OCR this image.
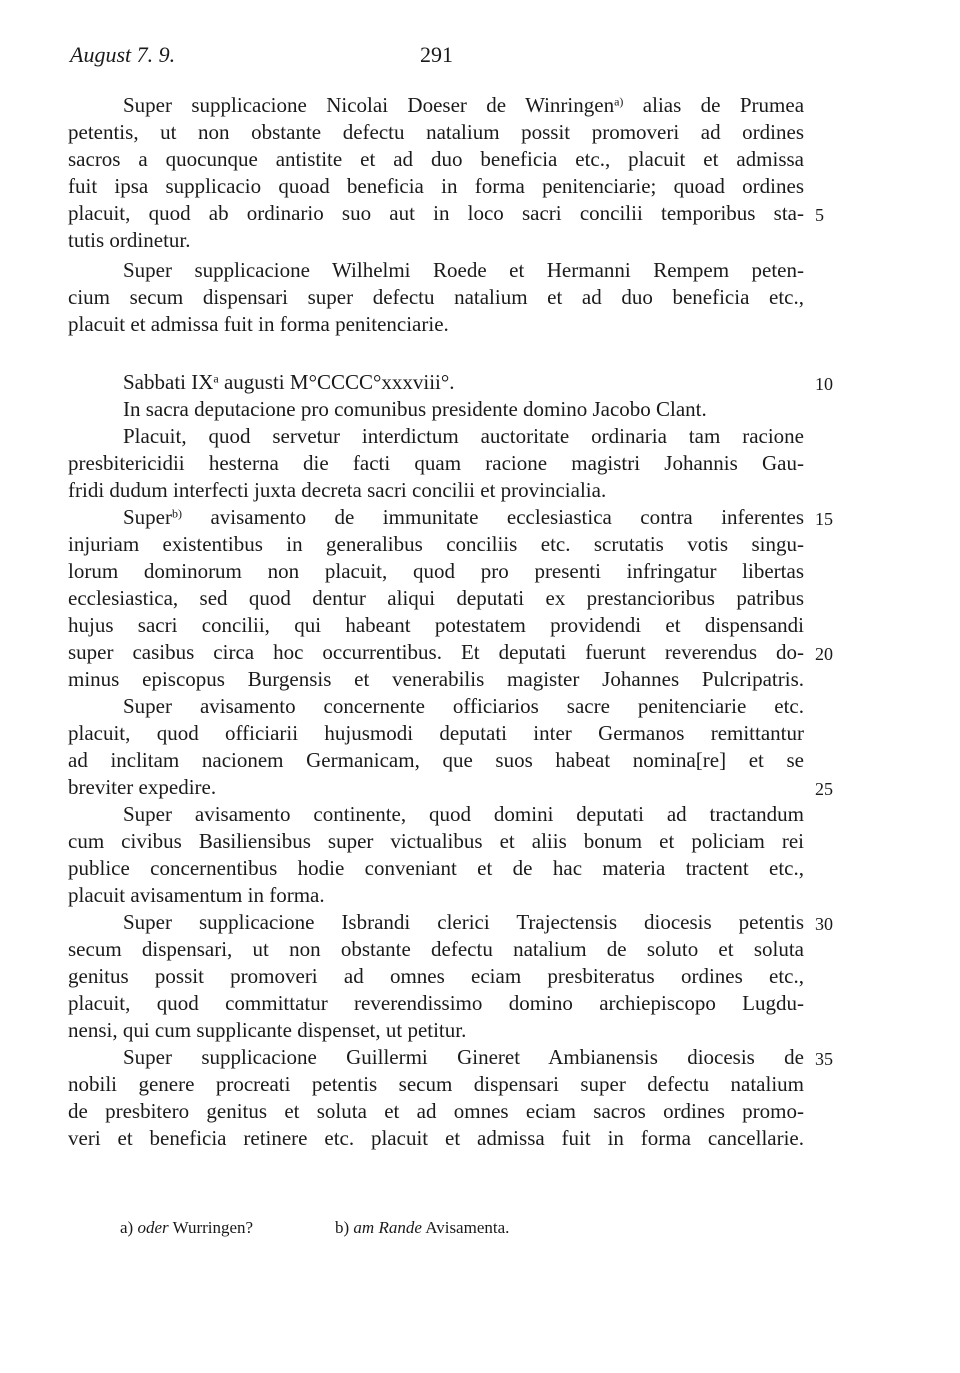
August 7. 9.	291
Super supplicacione Nicolai Doeser de Winringen$^{a)}$ alias de Prumea
petentis, ut non obstante defectu natalium possit promoveri ad ordines
sacros a quocunque antistite et ad duo beneficia etc., placuit et admissa
fuit ipsa supplicacio quoad beneficia in forma penitenciarie; quoad ordines
placuit, quod ab ordinario suo aut in loco sacri concilii temporibus sta-
tutis ordinetur.
Super supplicacione Wilhelmi Roede et Hermanni Rempem peten-
cium secum dispensari super defectu natalium et ad duo beneficia etc.,
placuit et admissa fuit in forma penitenciarie.
Sabbati $IX^a$ augusti M°CCCC°xxxviii°.
In sacra deputacione pro comunibus presidente domino Jacobo Clant.
Placuit, quod servetur interdictum auctoritate ordinaria tam racione
presbitericidii hesterna die facti quam racione magistri Johannis Gau-
fridi dudum interfecti juxta decreta sacri concilii et provincialia.
Super$^{b)}$ avisamento de immunitate ecclesiastica contra inferentes
injuriam existentibus in generalibus conciliis etc. scrutatis votis singu-
lorum dominorum non placuit, quod pro presenti infringatur libertas
ecclesiastica, sed quod dentur aliqui deputati ex prestancioribus patribus
hujus sacri concilii, qui habeant potestatem providendi et dispensandi
super casibus circa hoc occurrentibus. Et deputati fuerunt reverendus do-
minus episcopus Burgensis et venerabilis magister Johannes Pulcripatris.
Super avisamento concernente officiarios sacre penitenciarie etc.
placuit, quod officiarii hujusmodi deputati inter Germanos remittantur
ad inclitam nacionem Germanicam, que suos habeat nomina[re] et se
breviter expedire.
Super avisamento continente, quod domini deputati ad tractandum
cum civibus Basiliensibus super victualibus et aliis bonum et policiam rei
publice concernentibus hodie conveniant et de hac materia tractent etc.,
placuit avisamentum in forma.
Super supplicacione Isbrandi clerici Trajectensis diocesis petentis
secum dispensari, ut non obstante defectu natalium de soluto et soluta
genitus possit promoveri ad omnes eciam presbiteratus ordines etc.,
placuit, quod committatur reverendissimo domino archiepiscopo Lugdu-
nensi, qui cum supplicante dispenset, ut petitur.
Super supplicacione Guillermi Gineret Ambianensis diocesis de
nobili genere procreati petentis secum dispensari super defectu natalium
de presbitero genitus et soluta et ad omnes eciam sacros ordines promo-
veri et beneficia retinere etc. placuit et admissa fuit in forma cancellarie.
5
10
15
20
25
30
35
a) oder Wurringen?	b) am Rande Avisamenta.
